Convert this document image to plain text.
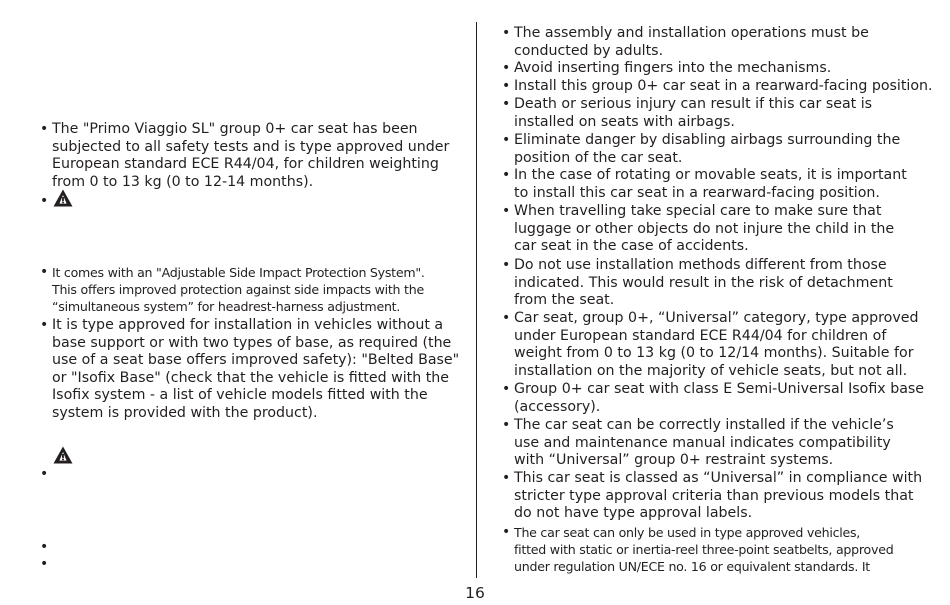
• The "Primo Viaggio SL" group 0+ car seat has been
subjected to all safety tests and is type approved under
European standard ECE R44/04, for children weighting
from 0 to 13 kg (0 to 12-14 months).
•
• It comes with an "Adjustable Side Impact Protection System".
This offers improved protection against side impacts with the
“simultaneous system” for headrest-harness adjustment.
• It is type approved for installation in vehicles without a
base support or with two types of base, as required (the
use of a seat base offers improved safety): "Belted Base"
or "Isofix Base" (check that the vehicle is fitted with the
Isofix system - a list of vehicle models fitted with the
system is provided with the product).
•
•
•
• The assembly and installation operations must be
conducted by adults.
• Avoid inserting fingers into the mechanisms.
• Install this group 0+ car seat in a rearward-facing position.
• Death or serious injury can result if this car seat is
installed on seats with airbags.
• Eliminate danger by disabling airbags surrounding the
position of the car seat.
• In the case of rotating or movable seats, it is important
to install this car seat in a rearward-facing position.
• When travelling take special care to make sure that
luggage or other objects do not injure the child in the
car seat in the case of accidents.
• Do not use installation methods different from those
indicated. This would result in the risk of detachment
from the seat.
• Car seat, group 0+, “Universal” category, type approved
under European standard ECE R44/04 for children of
weight from 0 to 13 kg (0 to 12/14 months). Suitable for
installation on the majority of vehicle seats, but not all.
• Group 0+ car seat with class E Semi-Universal Isofix base
(accessory).
• The car seat can be correctly installed if the vehicle’s
use and maintenance manual indicates compatibility
with “Universal” group 0+ restraint systems.
• This car seat is classed as “Universal” in compliance with
stricter type approval criteria than previous models that
do not have type approval labels.
• The car seat can only be used in type approved vehicles,
fitted with static or inertia-reel three-point seatbelts, approved
under regulation UN/ECE no. 16 or equivalent standards. It
16
